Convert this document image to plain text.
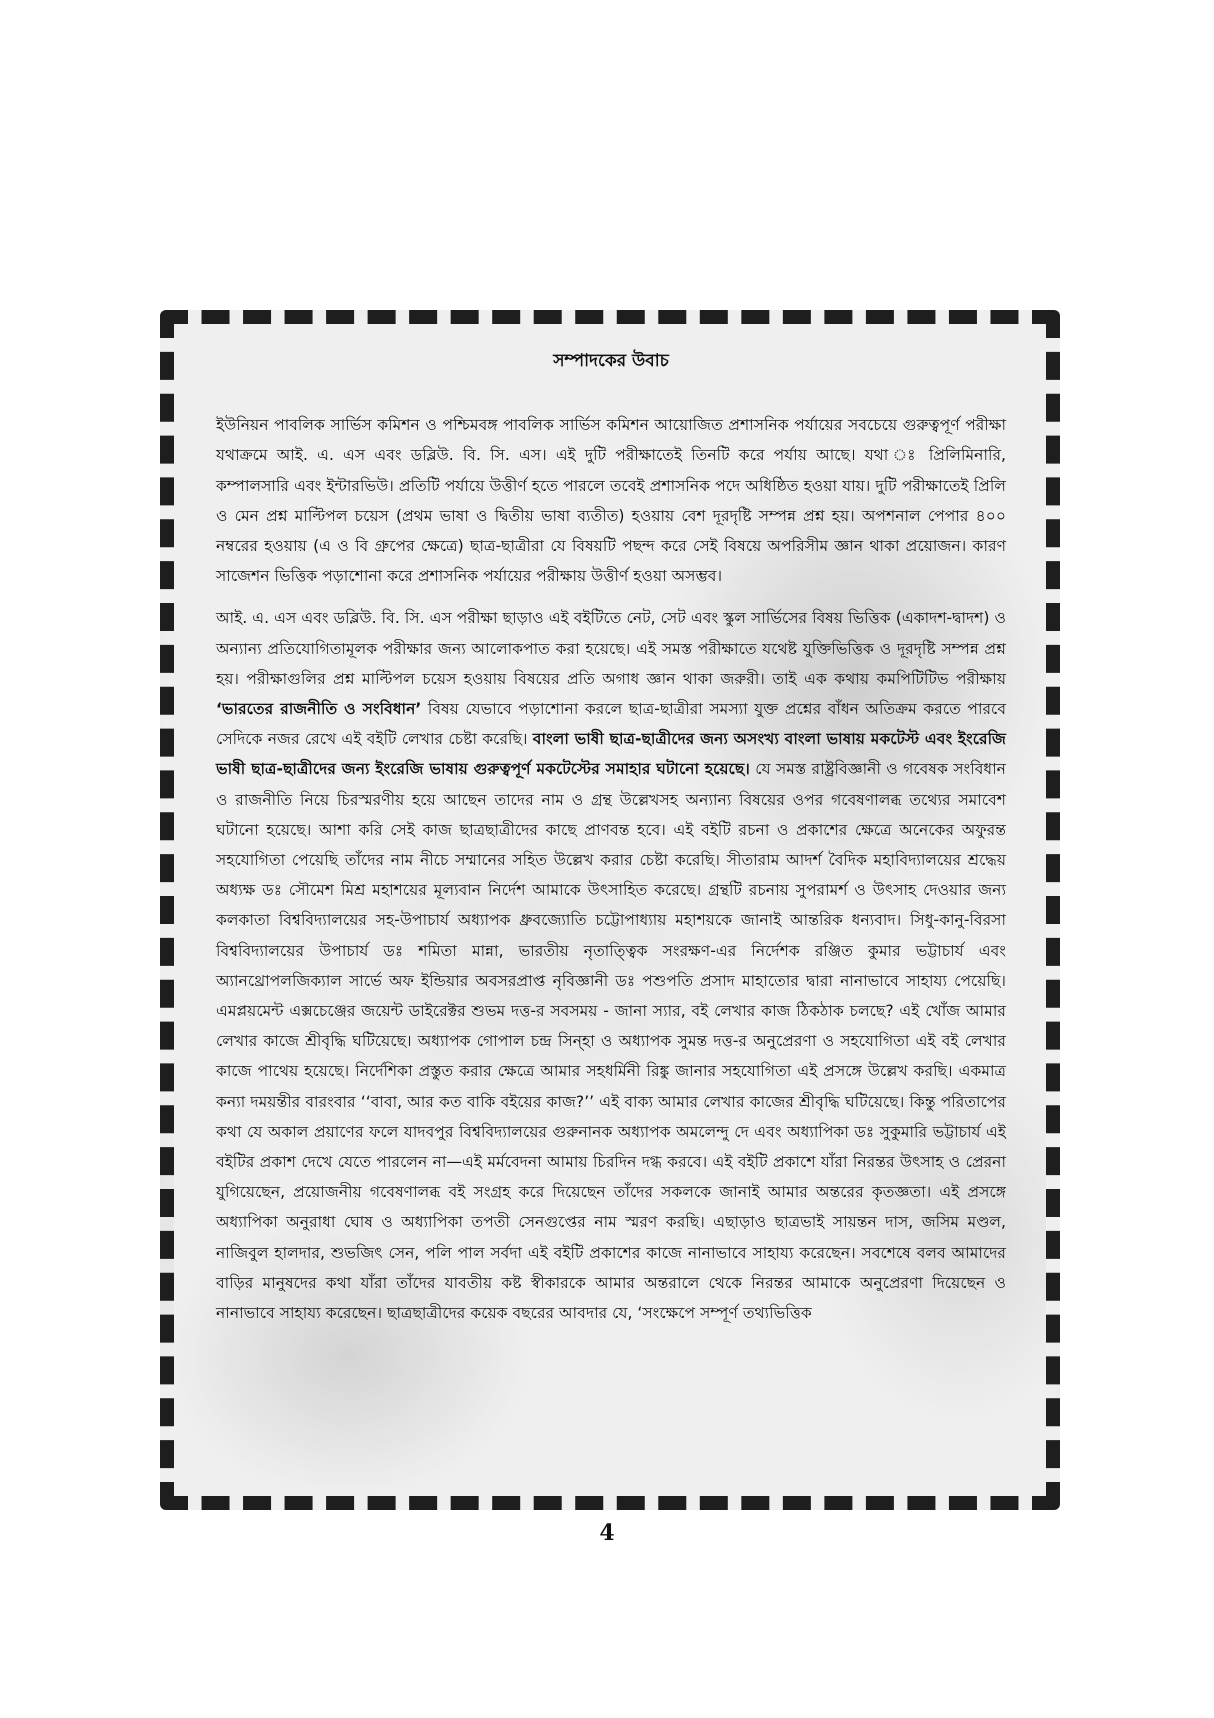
সম্পাদকের উবাচ

ইউনিয়ন পাবলিক সার্ভিস কমিশন ও পশ্চিমবঙ্গ পাবলিক সার্ভিস কমিশন আয়োজিত প্রশাসনিক পর্যায়ের সবচেয়ে গুরুত্বপূর্ণ পরীক্ষা যথাক্রমে আই. এ. এস এবং ডব্লিউ. বি. সি. এস। এই দুটি পরীক্ষাতেই তিনটি করে পর্যায় আছে। যথা ঃ প্রিলিমিনারি, কম্পালসারি এবং ইন্টারভিউ। প্রতিটি পর্যায়ে উত্তীর্ণ হতে পারলে তবেই প্রশাসনিক পদে অধিষ্ঠিত হওয়া যায়। দুটি পরীক্ষাতেই প্রিলি ও মেন প্রশ্ন মাল্টিপল চয়েস (প্রথম ভাষা ও দ্বিতীয় ভাষা ব্যতীত) হওয়ায় বেশ দূরদৃষ্টি সম্পন্ন প্রশ্ন হয়। অপশনাল পেপার ৪০০ নম্বরের হওয়ায় (এ ও বি গ্রুপের ক্ষেত্রে) ছাত্র-ছাত্রীরা যে বিষয়টি পছন্দ করে সেই বিষয়ে অপরিসীম জ্ঞান থাকা প্রয়োজন। কারণ সাজেশন ভিত্তিক পড়াশোনা করে প্রশাসনিক পর্যায়ের পরীক্ষায় উত্তীর্ণ হওয়া অসম্ভব।

আই. এ. এস এবং ডব্লিউ. বি. সি. এস পরীক্ষা ছাড়াও এই বইটিতে নেট, সেট এবং স্কুল সার্ভিসের বিষয় ভিত্তিক (একাদশ-দ্বাদশ) ও অন্যান্য প্রতিযোগিতামূলক পরীক্ষার জন্য আলোকপাত করা হয়েছে। এই সমস্ত পরীক্ষাতে যথেষ্ট যুক্তিভিত্তিক ও দূরদৃষ্টি সম্পন্ন প্রশ্ন হয়। পরীক্ষাগুলির প্রশ্ন মাল্টিপল চয়েস হওয়ায় বিষয়ের প্রতি অগাধ জ্ঞান থাকা জরুরী। তাই এক কথায় কমপিটিটিভ পরীক্ষায় ‘ভারতের রাজনীতি ও সংবিধান’ বিষয় যেভাবে পড়াশোনা করলে ছাত্র-ছাত্রীরা সমস্যা যুক্ত প্রশ্নের বাঁধন অতিক্রম করতে পারবে সেদিকে নজর রেখে এই বইটি লেখার চেষ্টা করেছি। বাংলা ভাষী ছাত্র-ছাত্রীদের জন্য অসংখ্য বাংলা ভাষায় মকটেস্ট এবং ইংরেজি ভাষী ছাত্র-ছাত্রীদের জন্য ইংরেজি ভাষায় গুরুত্বপূর্ণ মকটেস্টের সমাহার ঘটানো হয়েছে। যে সমস্ত রাষ্ট্রবিজ্ঞানী ও গবেষক সংবিধান ও রাজনীতি নিয়ে চিরস্মরণীয় হয়ে আছেন তাদের নাম ও গ্রন্থ উল্লেখসহ অন্যান্য বিষয়ের ওপর গবেষণালব্ধ তথ্যের সমাবেশ ঘটানো হয়েছে। আশা করি সেই কাজ ছাত্রছাত্রীদের কাছে প্রাণবন্ত হবে। এই বইটি রচনা ও প্রকাশের ক্ষেত্রে অনেকের অফুরন্ত সহযোগিতা পেয়েছি তাঁদের নাম নীচে সম্মানের সহিত উল্লেখ করার চেষ্টা করেছি। সীতারাম আদর্শ বৈদিক মহাবিদ্যালয়ের শ্রদ্ধেয় অধ্যক্ষ ডঃ সৌমেশ মিশ্র মহাশয়ের মূল্যবান নির্দেশ আমাকে উৎসাহিত করেছে। গ্রন্থটি রচনায় সুপরামর্শ ও উৎসাহ দেওয়ার জন্য কলকাতা বিশ্ববিদ্যালয়ের সহ-উপাচার্য অধ্যাপক ধ্রুবজ্যোতি চট্টোপাধ্যায় মহাশয়কে জানাই আন্তরিক ধন্যবাদ। সিধু-কানু-বিরসা বিশ্ববিদ্যালয়ের উপাচার্য ডঃ শমিতা মান্না, ভারতীয় নৃতাত্ত্বিক সংরক্ষণ-এর নির্দেশক রঞ্জিত কুমার ভট্টাচার্য এবং অ্যানথ্রোপলজিক্যাল সার্ভে অফ ইন্ডিয়ার অবসরপ্রাপ্ত নৃবিজ্ঞানী ডঃ পশুপতি প্রসাদ মাহাতোর দ্বারা নানাভাবে সাহায্য পেয়েছি। এমপ্লয়মেন্ট এক্সচেঞ্জের জয়েন্ট ডাইরেক্টর শুভম দত্ত-র সবসময় - জানা স্যার, বই লেখার কাজ ঠিকঠাক চলছে? এই খোঁজ আমার লেখার কাজে শ্রীবৃদ্ধি ঘটিয়েছে। অধ্যাপক গোপাল চন্দ্র সিন্হা ও অধ্যাপক সুমন্ত দত্ত-র অনুপ্রেরণা ও সহযোগিতা এই বই লেখার কাজে পাথেয় হয়েছে। নির্দেশিকা প্রস্তুত করার ক্ষেত্রে আমার সহধর্মিনী রিঙ্কু জানার সহযোগিতা এই প্রসঙ্গে উল্লেখ করছি। একমাত্র কন্যা দময়ন্তীর বারংবার ‘‘বাবা, আর কত বাকি বইয়ের কাজ?’’ এই বাক্য আমার লেখার কাজের শ্রীবৃদ্ধি ঘটিয়েছে। কিন্তু পরিতাপের কথা যে অকাল প্রয়াণের ফলে যাদবপুর বিশ্ববিদ্যালয়ের গুরুনানক অধ্যাপক অমলেন্দু দে এবং অধ্যাপিকা ডঃ সুকুমারি ভট্টাচার্য এই বইটির প্রকাশ দেখে যেতে পারলেন না—এই মর্মবেদনা আমায় চিরদিন দগ্ধ করবে। এই বইটি প্রকাশে যাঁরা নিরন্তর উৎসাহ ও প্রেরনা যুগিয়েছেন, প্রয়োজনীয় গবেষণালব্ধ বই সংগ্রহ করে দিয়েছেন তাঁদের সকলকে জানাই আমার অন্তরের কৃতজ্ঞতা। এই প্রসঙ্গে অধ্যাপিকা অনুরাধা ঘোষ ও অধ্যাপিকা তপতী সেনগুপ্তের নাম স্মরণ করছি। এছাড়াও ছাত্রভাই সায়ন্তন দাস, জসিম মণ্ডল, নাজিবুল হালদার, শুভজিৎ সেন, পলি পাল সর্বদা এই বইটি প্রকাশের কাজে নানাভাবে সাহায্য করেছেন। সবশেষে বলব আমাদের বাড়ির মানুষদের কথা যাঁরা তাঁদের যাবতীয় কষ্ট স্বীকারকে আমার অন্তরালে থেকে নিরন্তর আমাকে অনুপ্রেরণা দিয়েছেন ও নানাভাবে সাহায্য করেছেন। ছাত্রছাত্রীদের কয়েক বছরের আবদার যে, ‘সংক্ষেপে সম্পূর্ণ তথ্যভিত্তিক

4
